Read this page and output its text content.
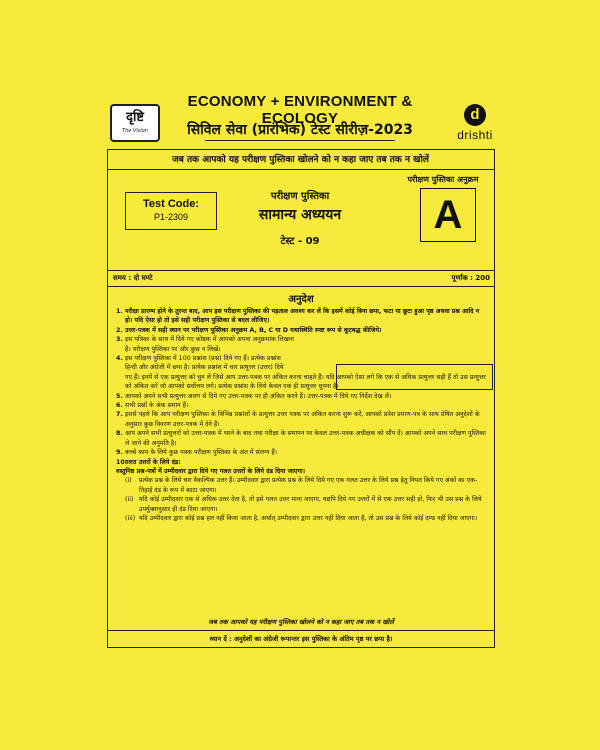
दृष्टि
The Vision
ECONOMY + ENVIRONMENT & ECOLOGY
सिविल सेवा (प्रारंभिक) टेस्ट सीरीज़-2023
d
drishti
जब तक आपको यह परीक्षण पुस्तिका खोलने को न कहा जाए तब तक न खोलें
परीक्षण पुस्तिका अनुक्रम
A
Test Code:
P1-2309
परीक्षण पुस्तिका
सामान्य अध्ययन
टेस्ट - 09
समय : दो घण्टे	पूर्णांक : 200
अनुदेश
1. परीक्षा प्रारम्भ होने के तुरन्त बाद, आप इस परीक्षण पुस्तिका की पड़ताल अवश्य कर लें कि इसमें कोई बिना छपा, फटा या छूटा हुआ पृष्ठ अथवा प्रश्न आदि न हो। यदि ऐसा हो तो इसे सही परीक्षण पुस्तिका से बदल लीजिए।
2. उत्तर-पत्रक में सही स्थान पर परीक्षण पुस्तिका अनुक्रम A, B, C या D यथास्थिति स्पष्ट रूप से कूटबद्ध कीजिये।
3. इस पत्रिका के साथ में दिये गए कोष्ठक में आपको अपना अनुक्रमांक लिखना
है। परीक्षण पुस्तिका पर और कुछ न लिखें।
4. इस परीक्षण पुस्तिका में 100 प्रश्नांश (प्रश्न) दिये गए हैं। प्रत्येक प्रश्नांश
हिन्दी और अंग्रेजी में छपा है। प्रत्येक प्रश्नांश में चार प्रत्युत्तर (उत्तर) दिये
गए हैं। इनमें से एक प्रत्युत्तर को चुन लें जिसे आप उत्तर-पत्रक पर अंकित करना चाहते हैं। यदि आपको ऐसा लगे कि एक से अधिक प्रत्युत्तर सही हैं तो उस प्रत्युत्तर को अंकित करें जो आपको सर्वोत्तम लगे। प्रत्येक प्रश्नांश के लिये केवल एक ही प्रत्युत्तर चुनना है।
5. आपको अपने सभी प्रत्युत्तर अलग से दिये गए उत्तर-पत्रक पर ही अंकित करने हैं। उत्तर-पत्रक में दिये गए निर्देश देख लें।
6. सभी प्रश्नों के अंक समान हैं।
7. इससे पहले कि आप परीक्षण पुस्तिका के विभिन्न प्रश्नांशों के प्रत्युत्तर उत्तर पत्रक पर अंकित करना शुरू करें, आपको प्रवेश प्रमाण-पत्र के साथ प्रेषित अनुदेशों के अनुसार कुछ विवरण उत्तर-पत्रक में देने हैं।
8. आप अपने सभी प्रत्युत्तरों को उत्तर-पत्रक में भरने के बाद तथा परीक्षा के समापन पर केवल उत्तर-पत्रक अधीक्षक को सौंप दें। आपको अपने साथ परीक्षण पुस्तिका ले जाने की अनुमति है।
9. कच्चे काम के लिये कुछ पत्रक परीक्षण पुस्तिका के अंत में संलग्न हैं।
10.
गलत उत्तरों के लिये दंड:
वस्तुनिष्ठ प्रश्न-पत्रों में उम्मीदवार द्वारा दिये गए गलत उत्तरों के लिये दंड दिया जाएगा।
(i)	प्रत्येक प्रश्न के लिये चार वैकल्पिक उत्तर हैं। उम्मीदवार द्वारा प्रत्येक प्रश्न के लिये दिये गए एक गलत उत्तर के लिये प्रश्न हेतु नियत किये गए अंकों का एक-तिहाई दंड के रूप में काटा जाएगा।
(ii) यदि कोई उम्मीदवार एक से अधिक उत्तर देता है, तो इसे गलत उत्तर माना जाएगा, यद्यपि दिये गए उत्तरों में से एक उत्तर सही हो, फिर भी उस प्रश्न के लिये उपर्युक्तानुसार ही दंड दिया जाएगा।
(iii) यदि उम्मीदवार द्वारा कोई प्रश्न हल नहीं किया जाता है, अर्थात् उम्मीदवार द्वारा उत्तर नहीं दिया जाता है, तो उस प्रश्न के लिये कोई दण्ड नहीं दिया जाएगा।
जब तक आपको यह परीक्षण पुस्तिका खोलने को न कहा जाए तब तक न खोलें
ध्यान दें : अनुदेशों का अंग्रेजी रूपान्तर इस पुस्तिका के अंतिम पृष्ठ पर छपा है।
